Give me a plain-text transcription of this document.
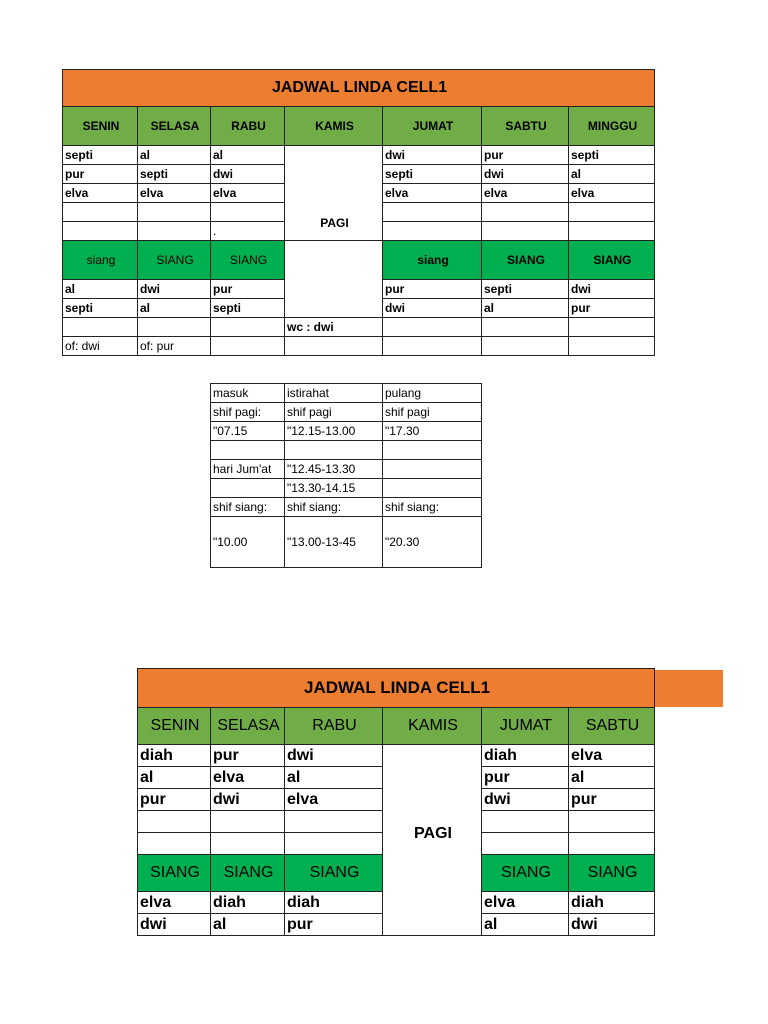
JADWAL LINDA CELL1						
SENIN	SELASA	RABU	KAMIS	JUMAT	SABTU	MINGGU
septi	al	al	PAGI	dwi	pur	septi
pur	septi	dwi		septi	dwi	al
elva	elva	elva		elva	elva	elva

		.				
siang	SIANG	SIANG		siang	SIANG	SIANG
al	dwi	pur		pur	septi	dwi
septi	al	septi		dwi	al	pur
			wc : dwi			
of: dwi	of: pur					
masuk	istirahat	pulang
shif pagi:	shif pagi	shif pagi
"07.15	"12.15-13.00	"17.30

hari Jum'at	"12.45-13.30	
	"13.30-14.15	
shif siang:	shif siang:	shif siang:
"10.00	"13.00-13-45	"20.30
JADWAL LINDA CELL1					
SENIN	SELASA	RABU	KAMIS	JUMAT	SABTU
diah	pur	dwi	PAGI	diah	elva
al	elva	al		pur	al
pur	dwi	elva		dwi	pur

SIANG	SIANG	SIANG		SIANG	SIANG
elva	diah	diah		elva	diah
dwi	al	pur		al	dwi
